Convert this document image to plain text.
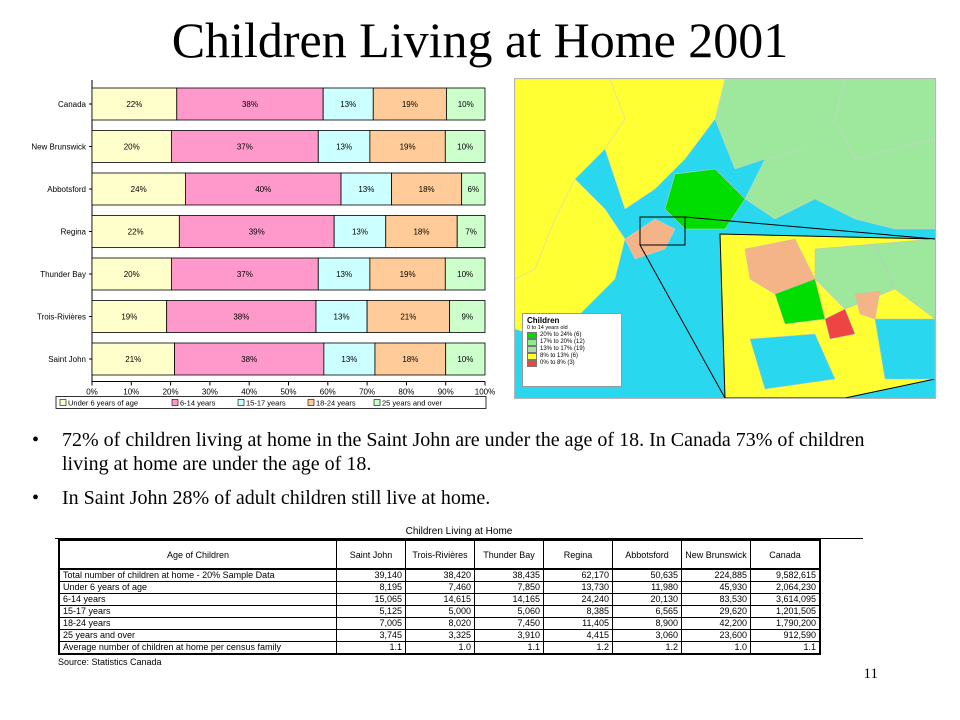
Children Living at Home 2001
Canada	22%	38%	13%	19%	10%
New Brunswick	20%	37%	13%	19%	10%
Abbotsford	24%	40%	13%	18%	6%
Regina	22%	39%	13%	18%	7%
Thunder Bay	20%	37%	13%	19%	10%
Trois-Rivières	19%	38%	13%	21%	9%
Saint John	21%	38%	13%	18%	10%
0%	10%	20%	30%	40%	50%	60%	70%	80%	90%	100%
Under 6 years of age	6-14 years	15-17 years	18-24 years	25 years and over
Children
0 to 14 years old
20% to 24% (6)
17% to 20% (12)
13% to 17% (19)
8% to 13% (6)
0% to 8% (3)
• 72% of children living at home in the Saint John are under the age of 18. In Canada 73% of children living at home are under the age of 18.
• In Saint John 28% of adult children still live at home.
Children Living at Home
Age of Children	Saint John	Trois-Rivières	Thunder Bay	Regina	Abbotsford	New Brunswick	Canada
Total number of children at home - 20% Sample Data	39,140	38,420	38,435	62,170	50,635	224,885	9,582,615
Under 6 years of age	8,195	7,460	7,850	13,730	11,980	45,930	2,064,230
6-14 years	15,065	14,615	14,165	24,240	20,130	83,530	3,614,095
15-17 years	5,125	5,000	5,060	8,385	6,565	29,620	1,201,505
18-24 years	7,005	8,020	7,450	11,405	8,900	42,200	1,790,200
25 years and over	3,745	3,325	3,910	4,415	3,060	23,600	912,590
Average number of children at home per census family	1.1	1.0	1.1	1.2	1.2	1.0	1.1
Source: Statistics Canada
11
